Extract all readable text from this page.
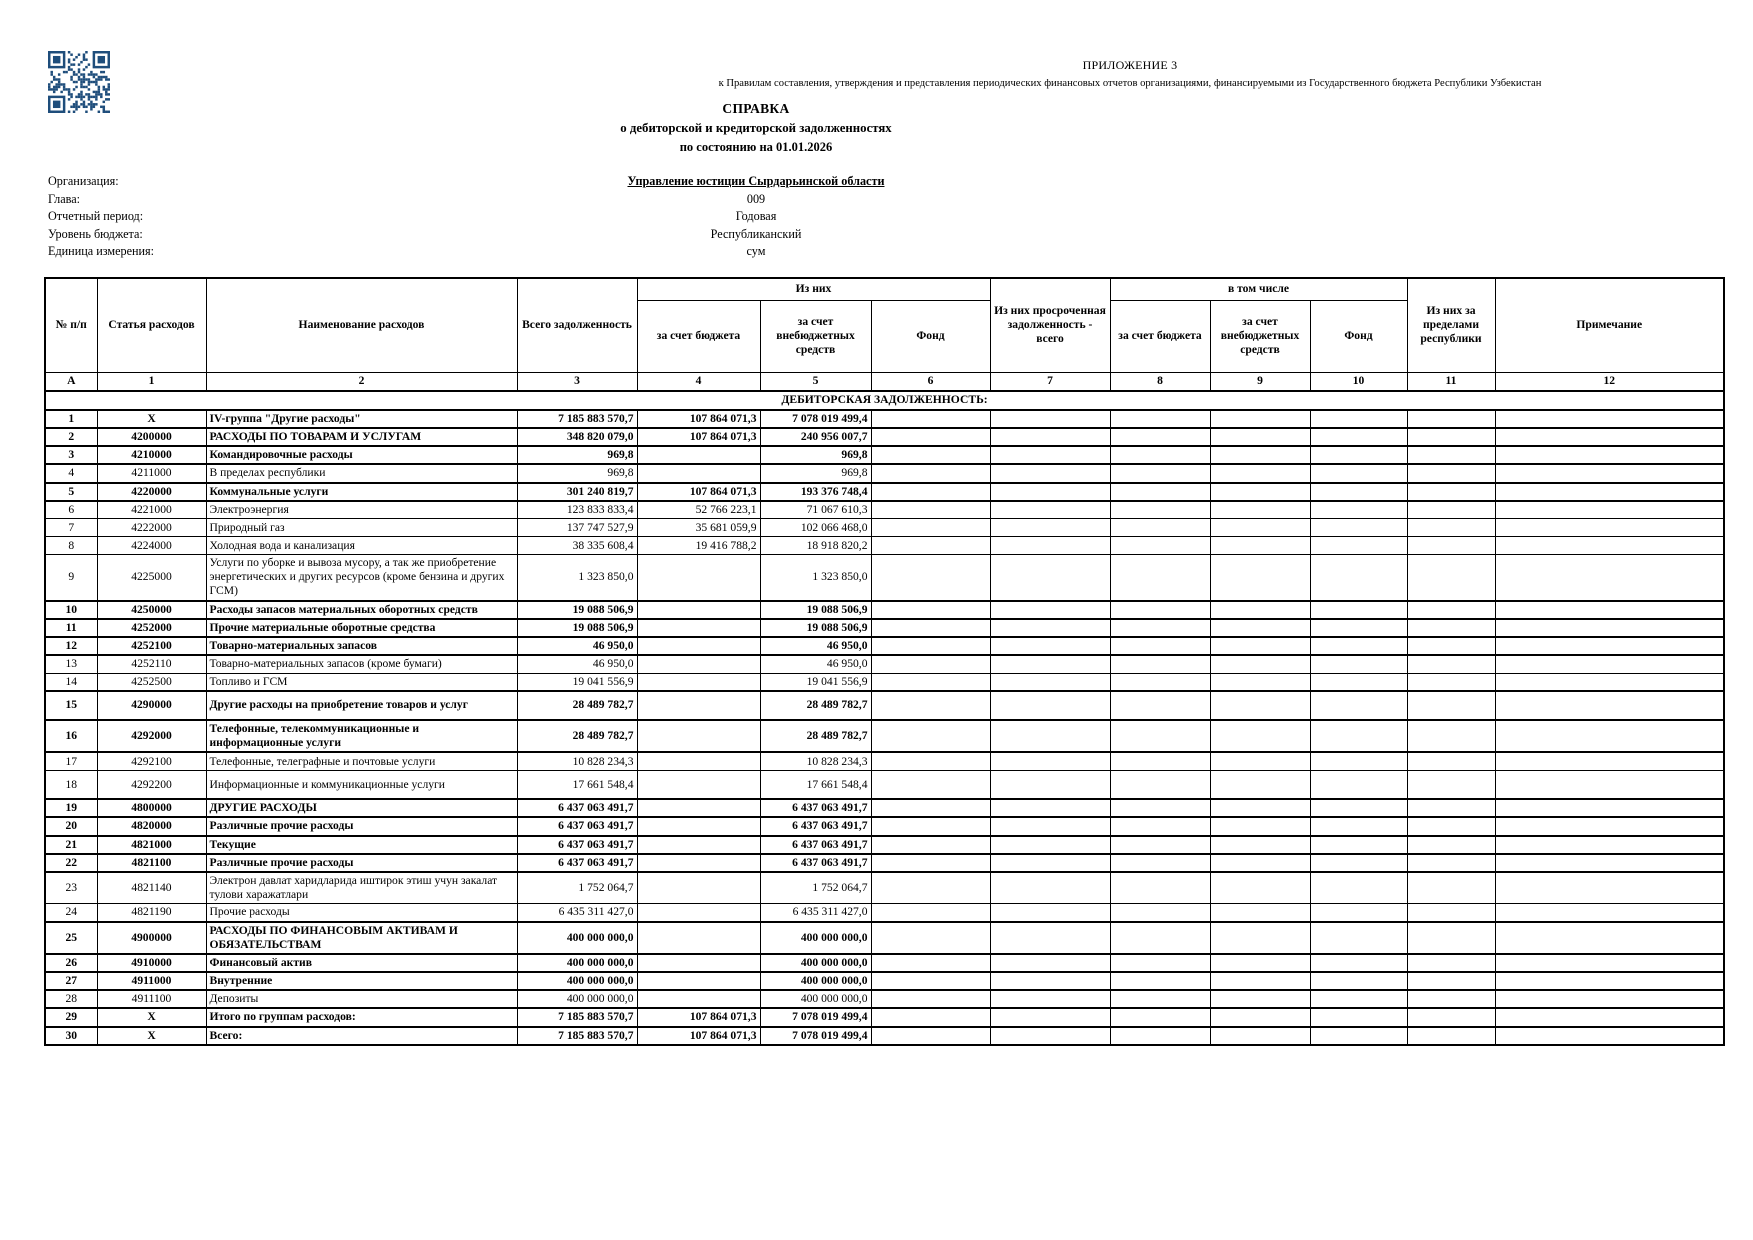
ПРИЛОЖЕНИЕ 3
к Правилам составления, утверждения и представления периодических финансовых отчетов организациями, финансируемыми из Государственного бюджета Республики Узбекистан
СПРАВКА
о дебиторской и кредиторской задолженностях
по состоянию на 01.01.2026
Организация:	Управление юстиции Сырдарьинской области
Глава:	009
Отчетный период:	Годовая
Уровень бюджета:	Республиканский
Единица измерения:	сум
№ п/п	Статья расходов	Наименование расходов	Всего задолженность	Из них			Из них просроченная задолженность - всего	в том числе			Из них за пределами республики	Примечание
				за счет бюджета	за счет внебюджетных средств	Фонд		за счет бюджета	за счет внебюджетных средств	Фонд		
А	1	2	3	4	5	6	7	8	9	10	11	12
ДЕБИТОРСКАЯ ЗАДОЛЖЕННОСТЬ:												
1	X	IV-группа "Другие расходы"	7 185 883 570,7	107 864 071,3	7 078 019 499,4							
2	4200000	РАСХОДЫ ПО ТОВАРАМ И УСЛУГАМ	348 820 079,0	107 864 071,3	240 956 007,7							
3	4210000	Командировочные расходы	969,8		969,8							
4	4211000	В пределах республики	969,8		969,8							
5	4220000	Коммунальные услуги	301 240 819,7	107 864 071,3	193 376 748,4							
6	4221000	Электроэнергия	123 833 833,4	52 766 223,1	71 067 610,3							
7	4222000	Природный газ	137 747 527,9	35 681 059,9	102 066 468,0							
8	4224000	Холодная вода и канализация	38 335 608,4	19 416 788,2	18 918 820,2							
9	4225000	Услуги по уборке и вывоза мусору, а так же приобретение энергетических и других ресурсов (кроме бензина и других ГСМ)	1 323 850,0		1 323 850,0							
10	4250000	Расходы запасов материальных оборотных средств	19 088 506,9		19 088 506,9							
11	4252000	Прочие материальные оборотные средства	19 088 506,9		19 088 506,9							
12	4252100	Товарно-материальных запасов	46 950,0		46 950,0							
13	4252110	Товарно-материальных запасов (кроме бумаги)	46 950,0		46 950,0							
14	4252500	Топливо и ГСМ	19 041 556,9		19 041 556,9							
15	4290000	Другие расходы на приобретение товаров и услуг	28 489 782,7		28 489 782,7							
16	4292000	Телефонные, телекоммуникационные и информационные услуги	28 489 782,7		28 489 782,7							
17	4292100	Телефонные, телеграфные и почтовые услуги	10 828 234,3		10 828 234,3							
18	4292200	Информационные и коммуникационные услуги	17 661 548,4		17 661 548,4							
19	4800000	ДРУГИЕ РАСХОДЫ	6 437 063 491,7		6 437 063 491,7							
20	4820000	Различные прочие расходы	6 437 063 491,7		6 437 063 491,7							
21	4821000	Текущие	6 437 063 491,7		6 437 063 491,7							
22	4821100	Различные прочие расходы	6 437 063 491,7		6 437 063 491,7							
23	4821140	Электрон давлат харидларида иштирок этиш учун закалат тулови харажатлари	1 752 064,7		1 752 064,7							
24	4821190	Прочие расходы	6 435 311 427,0		6 435 311 427,0							
25	4900000	РАСХОДЫ ПО ФИНАНСОВЫМ АКТИВАМ И ОБЯЗАТЕЛЬСТВАМ	400 000 000,0		400 000 000,0							
26	4910000	Финансовый актив	400 000 000,0		400 000 000,0							
27	4911000	Внутренние	400 000 000,0		400 000 000,0							
28	4911100	Депозиты	400 000 000,0		400 000 000,0							
29	X	Итого по группам расходов:	7 185 883 570,7	107 864 071,3	7 078 019 499,4							
30	X	Всего:	7 185 883 570,7	107 864 071,3	7 078 019 499,4							
